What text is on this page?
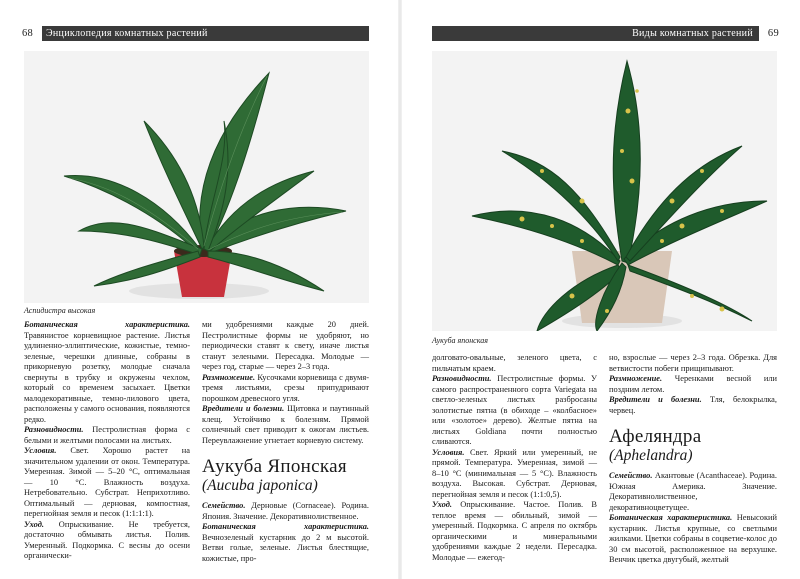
68	Энциклопедия комнатных растений
Аспидистра высокая

Ботаническая характеристика. Травянистое корневищное растение. Листья удлиненно-эллиптические, кожистые, темно-зеленые, черешки длинные, собраны в прикорневую розетку, молодые сначала свернуты в трубку и окружены чехлом, который со временем засыхает. Цветки малодекоративные, темно-лилового цвета, расположены у самого основания, появляются редко.

Разновидности. Пестролистная форма с белыми и желтыми полосами на листьях.

Условия. Свет. Хорошо растет на значительном удалении от окон. Температура. Умеренная. Зимой — 5–20 °С, оптимальная — 10 °С. Влажность воздуха. Нетребовательно. Субстрат. Неприхотливо. Оптимальный — дерновая, компостная, перегнойная земля и песок (1:1:1:1).

Уход. Опрыскивание. Не требуется, достаточно обмывать листья. Полив. Умеренный. Подкормка. С весны до осени органически-

ми удобрениями каждые 20 дней. Пестролистные формы не удобряют, но периодически ставят к свету, иначе листья станут зелеными. Пересадка. Молодые — через год, старые — через 2–3 года.

Размножение. Кусочками корневища с двумя-тремя листьями, срезы припудривают порошком древесного угля.

Вредители и болезни. Щитовка и паутинный клещ. Устойчиво к болезням. Прямой солнечный свет приводит к ожогам листьев. Переувлажнение угнетает корневую систему.

Аукуба Японская
(Aucuba japonica)

Семейство. Дерновые (Cornaceae). Родина. Япония. Значение. Декоративнолиственное.

Ботаническая характеристика. Вечнозеленый кустарник до 2 м высотой. Ветви голые, зеленые. Листья блестящие, кожистые, про-

Виды комнатных растений	69
Аукуба японская

долговато-овальные, зеленого цвета, с пильчатым краем.

Разновидности. Пестролистные формы. У самого распространенного сорта Variegata на светло-зеленых листьях разбросаны золотистые пятна (в обиходе – «колбасное» или «золотое» дерево). Желтые пятна на листьях Goldiana почти полностью сливаются.

Условия. Свет. Яркий или умеренный, не прямой. Температура. Умеренная, зимой — 8–10 °С (минимальная — 5 °С). Влажность воздуха. Высокая. Субстрат. Дерновая, перегнойная земля и песок (1:1:0,5).

Уход. Опрыскивание. Частое. Полив. В теплое время — обильный, зимой — умеренный. Подкормка. С апреля по октябрь органическими и минеральными удобрениями каждые 2 недели. Пересадка. Молодые — ежегод-

но, взрослые — через 2–3 года. Обрезка. Для ветвистости побеги прищипывают.

Размножение. Черенками весной или поздним летом.

Вредители и болезни. Тля, белокрылка, червец.

Афеляндра
(Aphelandra)

Семейство. Акантовые (Acanthaceae). Родина. Южная Америка. Значение. Декоративнолиственное, декоративноцветущее.

Ботаническая характеристика. Невысокий кустарник. Листья крупные, со светлыми жилками. Цветки собраны в соцветие-колос до 30 см высотой, расположенное на верхушке. Венчик цветка двугубый, желтый
